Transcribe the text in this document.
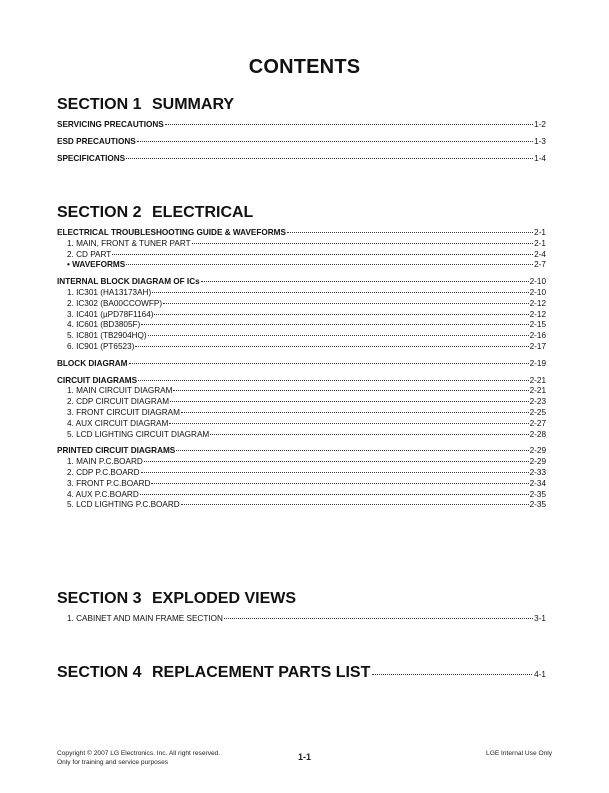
CONTENTS
SECTION 1 SUMMARY
SERVICING PRECAUTIONS	1-2
ESD PRECAUTIONS	1-3
SPECIFICATIONS	1-4
SECTION 2 ELECTRICAL
ELECTRICAL TROUBLESHOOTING GUIDE & WAVEFORMS	2-1
1. MAIN, FRONT & TUNER PART	2-1
2. CD PART	2-4
• WAVEFORMS	2-7
INTERNAL BLOCK DIAGRAM OF ICs	2-10
1. IC301 (HA13173AH)	2-10
2. IC302 (BA00CCOWFP)	2-12
3. IC401 (µPD78F1164)	2-12
4. IC601 (BD3805F)	2-15
5. IC801 (TB2904HQ)	2-16
6. IC901 (PT6523)	2-17
BLOCK DIAGRAM	2-19
CIRCUIT DIAGRAMS	2-21
1. MAIN CIRCUIT DIAGRAM	2-21
2. CDP CIRCUIT DIAGRAM	2-23
3. FRONT CIRCUIT DIAGRAM	2-25
4. AUX CIRCUIT DIAGRAM	2-27
5. LCD LIGHTING CIRCUIT DIAGRAM	2-28
PRINTED CIRCUIT DIAGRAMS	2-29
1. MAIN P.C.BOARD	2-29
2. CDP P.C.BOARD	2-33
3. FRONT P.C.BOARD	2-34
4. AUX P.C.BOARD	2-35
5. LCD LIGHTING P.C.BOARD	2-35
SECTION 3 EXPLODED VIEWS
1. CABINET AND MAIN FRAME SECTION	3-1
SECTION 4 REPLACEMENT PARTS LIST	4-1
Copyright © 2007 LG Electronics. Inc. All right reserved.
Only for training and service purposes
1-1	LGE Internal Use Only
